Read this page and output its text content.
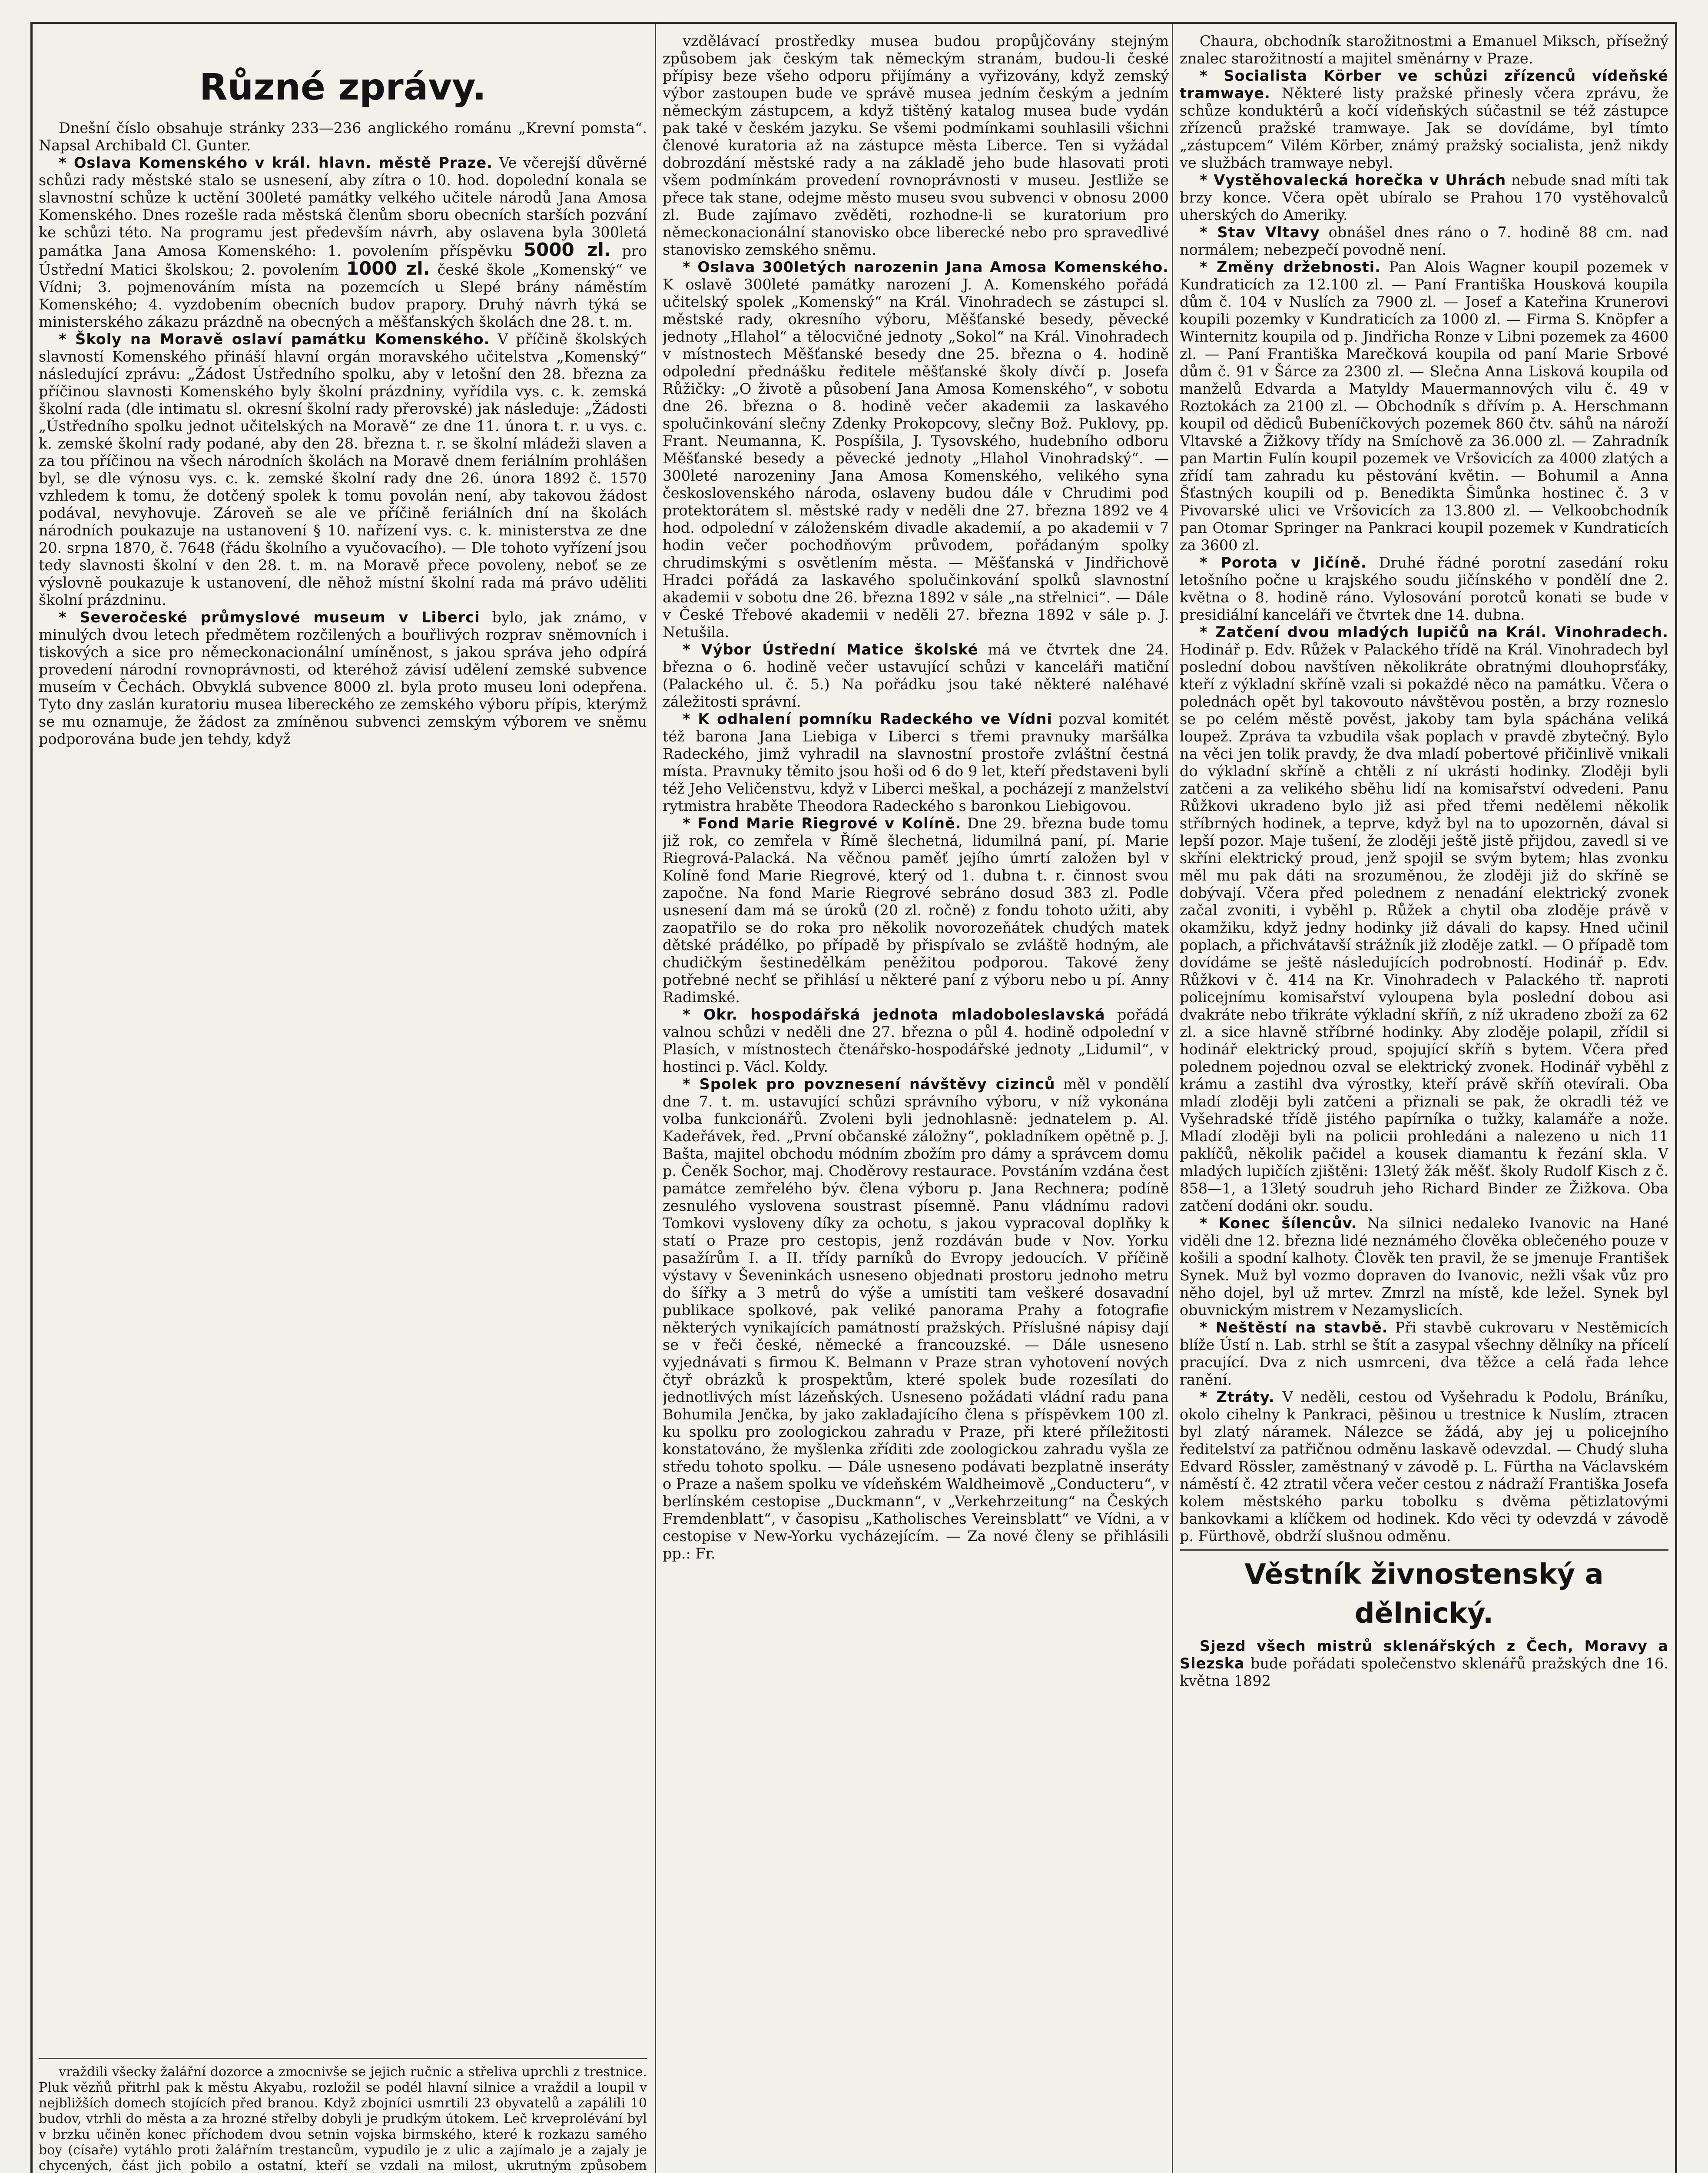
Různé zprávy.

Dnešní číslo obsahuje stránky 233—236 anglického románu „Krevní pomsta“. Napsal Archibald Cl. Gunter.

* Oslava Komenského v král. hlavn. městě Praze. Ve včerejší důvěrné schůzi rady městské stalo se usnesení, aby zítra o 10. hod. dopolední konala se slavnostní schůze k uctění 300leté památky velkého učitele národů Jana Amosa Komenského. Dnes rozešle rada městská členům sboru obecních starších pozvání ke schůzi této. Na programu jest především návrh, aby oslavena byla 300letá památka Jana Amosa Komenského: 1. povolením příspěvku 5000 zl. pro Ústřední Matici školskou; 2. povolením 1000 zl. české škole „Komenský“ ve Vídni; 3. pojmenováním místa na pozemcích u Slepé brány náměstím Komenského; 4. vyzdobením obecních budov prapory. Druhý návrh týká se ministerského zákazu prázdně na obecných a měšťanských školách dne 28. t. m.

* Školy na Moravě oslaví památku Komenského. V příčině školských slavností Komenského přináší hlavní orgán moravského učitelstva „Komenský“ následující zprávu: „Žádost Ústředního spolku, aby v letošní den 28. března za příčinou slavnosti Komenského byly školní prázdniny, vyřídila vys. c. k. zemská školní rada (dle intimatu sl. okresní školní rady přerovské) jak následuje: „Žádosti „Ústředního spolku jednot učitelských na Moravě“ ze dne 11. února t. r. u vys. c. k. zemské školní rady podané, aby den 28. března t. r. se školní mládeži slaven a za tou příčinou na všech národních školách na Moravě dnem feriálním prohlášen byl, se dle výnosu vys. c. k. zemské školní rady dne 26. února 1892 č. 1570 vzhledem k tomu, že dotčený spolek k tomu povolán není, aby takovou žádost podával, nevyhovuje. Zároveň se ale ve příčině feriálních dní na školách národních poukazuje na ustanovení § 10. nařízení vys. c. k. ministerstva ze dne 20. srpna 1870, č. 7648 (řádu školního a vyučovacího). — Dle tohoto vyřízení jsou tedy slavnosti školní v den 28. t. m. na Moravě přece povoleny, neboť se ze výslovně poukazuje k ustanovení, dle něhož místní školní rada má právo uděliti školní prázdninu.

* Severočeské průmyslové museum v Liberci bylo, jak známo, v minulých dvou letech předmětem rozčilených a bouřlivých rozprav sněmovních i tiskových a sice pro německonacionální umíněnost, s jakou správa jeho odpírá provedení národní rovnoprávnosti, od kteréhož závisí udělení zemské subvence museím v Čechách. Obvyklá subvence 8000 zl. byla proto museu loni odepřena. Tyto dny zaslán kuratoriu musea libereckého ze zemského výboru přípis, kterýmž se mu oznamuje, že žádost za zmíněnou subvenci zemským výborem ve sněmu podporována bude jen tehdy, když

vraždili všecky žalářní dozorce a zmocnivše se jejich ručnic a střeliva uprchli z trestnice. Pluk vězňů přitrhl pak k městu Akyabu, rozložil se podél hlavní silnice a vraždil a loupil v nejbližších domech stojících před branou. Když zbojníci usmrtili 23 obyvatelů a zapálili 10 budov, vtrhli do města a za hrozné střelby dobyli je prudkým útokem. Leč krveprolévání byl v brzku učiněn konec příchodem dvou setnin vojska birmského, které k rozkazu samého boy (císaře) vytáhlo proti žalářním trestancům, vypudilo je z ulic a zajímalo je a zajaly je chycených, část jich pobilo a ostatní, kteří se vzdali na milost, ukrutným způsobem

vzdělávací prostředky musea budou propůjčovány stejným způsobem jak českým tak německým stranám, budou-li české přípisy beze všeho odporu přijímány a vyřizovány, když zemský výbor zastoupen bude ve správě musea jedním českým a jedním německým zástupcem, a když tištěný katalog musea bude vydán pak také v českém jazyku. Se všemi podmínkami souhlasili všichni členové kuratoria až na zástupce města Liberce. Ten si vyžádal dobrozdání městské rady a na základě jeho bude hlasovati proti všem podmínkám provedení rovnoprávnosti v museu. Jestliže se přece tak stane, odejme město museu svou subvenci v obnosu 2000 zl. Bude zajímavo zvěděti, rozhodne-li se kuratorium pro německonacionální stanovisko obce liberecké nebo pro spravedlivé stanovisko zemského sněmu.

* Oslava 300letých narozenin Jana Amosa Komenského. K oslavě 300leté památky narození J. A. Komenského pořádá učitelský spolek „Komenský“ na Král. Vinohradech se zástupci sl. městské rady, okresního výboru, Měšťanské besedy, pěvecké jednoty „Hlahol“ a tělocvičné jednoty „Sokol“ na Král. Vinohradech v místnostech Měšťanské besedy dne 25. března o 4. hodině odpolední přednášku ředitele měšťanské školy dívčí p. Josefa Růžičky: „O životě a působení Jana Amosa Komenského“, v sobotu dne 26. března o 8. hodině večer akademii za laskavého spolučinkování slečny Zdenky Prokopcovy, slečny Bož. Puklovy, pp. Frant. Neumanna, K. Pospíšila, J. Tysovského, hudebního odboru Měšťanské besedy a pěvecké jednoty „Hlahol Vinohradský“. — 300leté narozeniny Jana Amosa Komenského, velikého syna československého národa, oslaveny budou dále v Chrudimi pod protektorátem sl. městské rady v neděli dne 27. března 1892 ve 4 hod. odpolední v záloženském divadle akademií, a po akademii v 7 hodin večer pochodňovým průvodem, pořádaným spolky chrudimskými s osvětlením města. — Měšťanská v Jindřichově Hradci pořádá za laskavého spolučinkování spolků slavnostní akademii v sobotu dne 26. března 1892 v sále „na střelnici“. — Dále v České Třebové akademii v neděli 27. března 1892 v sále p. J. Netušila.

* Výbor Ústřední Matice školské má ve čtvrtek dne 24. března o 6. hodině večer ustavující schůzi v kanceláři matiční (Palackého ul. č. 5.) Na pořádku jsou také některé naléhavé záležitosti správní.

* K odhalení pomníku Radeckého ve Vídni pozval komitét též barona Jana Liebiga v Liberci s třemi pravnuky maršálka Radeckého, jimž vyhradil na slavnostní prostoře zvláštní čestná místa. Pravnuky těmito jsou hoši od 6 do 9 let, kteří představeni byli též Jeho Veličenstvu, když v Liberci meškal, a pocházejí z manželství rytmistra hraběte Theodora Radeckého s baronkou Liebigovou.

* Fond Marie Riegrové v Kolíně. Dne 29. března bude tomu již rok, co zemřela v Římě šlechetná, lidumilná paní, pí. Marie Riegrová-Palacká. Na věčnou paměť jejího úmrtí založen byl v Kolíně fond Marie Riegrové, který od 1. dubna t. r. činnost svou započne. Na fond Marie Riegrové sebráno dosud 383 zl. Podle usnesení dam má se úroků (20 zl. ročně) z fondu tohoto užiti, aby zaopatřilo se do roka pro několik novorozeňátek chudých matek dětské prádélko, po případě by přispívalo se zvláště hodným, ale chudičkým šestinedělkám peněžitou podporou. Takové ženy potřebné nechť se přihlásí u některé paní z výboru nebo u pí. Anny Radimské.

* Okr. hospodářská jednota mladoboleslavská pořádá valnou schůzi v neděli dne 27. března o půl 4. hodině odpolední v Plasích, v místnostech čtenářsko-hospodářské jednoty „Lidumil“, v hostinci p. Václ. Koldy.

* Spolek pro povznesení návštěvy cizinců měl v pondělí dne 7. t. m. ustavující schůzi správního výboru, v níž vykonána volba funkcionářů. Zvoleni byli jednohlasně: jednatelem p. Al. Kadeřávek, řed. „První občanské záložny“, pokladníkem opětně p. J. Bašta, majitel obchodu módním zbožím pro dámy a správcem domu p. Čeněk Sochor, maj. Choděrovy restaurace. Povstáním vzdána čest památce zemřelého býv. člena výboru p. Jana Rechnera; podíně zesnulého vyslovena soustrast písemně. Panu vládnímu radovi Tomkovi vysloveny díky za ochotu, s jakou vypracoval doplňky k statí o Praze pro cestopis, jenž rozdáván bude v Nov. Yorku pasažírům I. a II. třídy parníků do Evropy jedoucích. V příčině výstavy v Ševeninkách usneseno objednati prostoru jednoho metru do šířky a 3 metrů do výše a umístiti tam veškeré dosavadní publikace spolkové, pak veliké panorama Prahy a fotografie některých vynikajících památností pražských. Příslušné nápisy dají se v řeči české, německé a francouzské. — Dále usneseno vyjednávati s firmou K. Belmann v Praze stran vyhotovení nových čtyř obrázků k prospektům, které spolek bude rozesílati do jednotlivých míst lázeňských. Usneseno požádati vládní radu pana Bohumila Jenčka, by jako zakladajícího člena s příspěvkem 100 zl. ku spolku pro zoologickou zahradu v Praze, při které příležitosti konstatováno, že myšlenka zříditi zde zoologickou zahradu vyšla ze středu tohoto spolku. — Dále usneseno podávati bezplatně inseráty o Praze a našem spolku ve vídeňském Waldheimově „Conducteru“, v berlínském cestopise „Duckmann“, v „Verkehrzeitung“ na Českých Fremdenblatt“, v časopisu „Katholisches Vereinsblatt“ ve Vídni, a v cestopise v New-Yorku vycházejícím. — Za nové členy se přihlásili pp.: Fr.

Chaura, obchodník starožitnostmi a Emanuel Miksch, přísežný znalec starožitností a majitel směnárny v Praze.

* Socialista Körber ve schůzi zřízenců vídeňské tramwaye. Některé listy pražské přinesly včera zprávu, že schůze konduktérů a kočí vídeňských súčastnil se též zástupce zřízenců pražské tramwaye. Jak se dovídáme, byl tímto „zástupcem“ Vilém Körber, známý pražský socialista, jenž nikdy ve službách tramwaye nebyl.

* Vystěhovalecká horečka v Uhrách nebude snad míti tak brzy konce. Včera opět ubíralo se Prahou 170 vystěhovalců uherských do Ameriky.

* Stav Vltavy obnášel dnes ráno o 7. hodině 88 cm. nad normálem; nebezpečí povodně není.

* Změny držebnosti. Pan Alois Wagner koupil pozemek v Kundraticích za 12.100 zl. — Paní Františka Housková koupila dům č. 104 v Nuslích za 7900 zl. — Josef a Kateřina Krunerovi koupili pozemky v Kundraticích za 1000 zl. — Firma S. Knöpfer a Winternitz koupila od p. Jindřicha Ronze v Libni pozemek za 4600 zl. — Paní Františka Marečková koupila od paní Marie Srbové dům č. 91 v Šárce za 2300 zl. — Slečna Anna Lisková koupila od manželů Edvarda a Matyldy Mauermannových vilu č. 49 v Roztokách za 2100 zl. — Obchodník s dřívím p. A. Herschmann koupil od dědiců Bubeníčkových pozemek 860 čtv. sáhů na nároží Vltavské a Žižkovy třídy na Smíchově za 36.000 zl. — Zahradník pan Martin Fulín koupil pozemek ve Vršovicích za 4000 zlatých a zřídí tam zahradu ku pěstování květin. — Bohumil a Anna Šťastných koupili od p. Benedikta Šimůnka hostinec č. 3 v Pivovarské ulici ve Vršovicích za 13.800 zl. — Velkoobchodník pan Otomar Springer na Pankraci koupil pozemek v Kundraticích za 3600 zl.

* Porota v Jičíně. Druhé řádné porotní zasedání roku letošního počne u krajského soudu jičínského v pondělí dne 2. května o 8. hodině ráno. Vylosování porotců konati se bude v presidiální kanceláři ve čtvrtek dne 14. dubna.

* Zatčení dvou mladých lupičů na Král. Vinohradech. Hodinář p. Edv. Růžek v Palackého třídě na Král. Vinohradech byl poslední dobou navštíven několikráte obratnými dlouhoprsťáky, kteří z výkladní skříně vzali si pokaždé něco na památku. Včera o polednách opět byl takovouto návštěvou postěn, a brzy rozneslo se po celém městě pověst, jakoby tam byla spáchána veliká loupež. Zpráva ta vzbudila však poplach v pravdě zbytečný. Bylo na věci jen tolik pravdy, že dva mladí pobertové přičinlivě vnikali do výkladní skříně a chtěli z ní ukrásti hodinky. Zloději byli zatčeni a za velikého sběhu lidí na komisařství odvedeni. Panu Růžkovi ukradeno bylo již asi před třemi nedělemi několik stříbrných hodinek, a teprve, když byl na to upozorněn, dával si lepší pozor. Maje tušení, že zloději ještě jistě přijdou, zavedl si ve skříni elektrický proud, jenž spojil se svým bytem; hlas zvonku měl mu pak dáti na srozuměnou, že zloději již do skříně se dobývají. Včera před polednem z nenadání elektrický zvonek začal zvoniti, i vyběhl p. Růžek a chytil oba zloděje právě v okamžiku, když jedny hodinky již dávali do kapsy. Hned učinil poplach, a přichvátavší strážník již zloděje zatkl. — O případě tom dovídáme se ještě následujících podrobností. Hodinář p. Edv. Růžkovi v č. 414 na Kr. Vinohradech v Palackého tř. naproti policejnímu komisařství vyloupena byla poslední dobou asi dvakráte nebo třikráte výkladní skříň, z níž ukradeno zboží za 62 zl. a sice hlavně stříbrné hodinky. Aby zloděje polapil, zřídil si hodinář elektrický proud, spojující skříň s bytem. Včera před polednem pojednou ozval se elektrický zvonek. Hodinář vyběhl z krámu a zastihl dva výrostky, kteří právě skříň otevírali. Oba mladí zloději byli zatčeni a přiznali se pak, že okradli též ve Vyšehradské třídě jistého papírníka o tužky, kalamáře a nože. Mladí zloději byli na policii prohledáni a nalezeno u nich 11 paklíčů, několik pačidel a kousek diamantu k řezání skla. V mladých lupičích zjištěni: 13letý žák měšť. školy Rudolf Kisch z č. 858—1, a 13letý soudruh jeho Richard Binder ze Žižkova. Oba zatčení dodáni okr. soudu.

* Konec šílencův. Na silnici nedaleko Ivanovic na Hané viděli dne 12. března lidé neznámého člověka oblečeného pouze v košili a spodní kalhoty. Člověk ten pravil, že se jmenuje František Synek. Muž byl vozmo dopraven do Ivanovic, nežli však vůz pro něho dojel, byl už mrtev. Zmrzl na místě, kde ležel. Synek byl obuvnickým mistrem v Nezamyslicích.

* Neštěstí na stavbě. Při stavbě cukrovaru v Nestěmicích blíže Ústí n. Lab. strhl se štít a zasypal všechny dělníky na přícelí pracující. Dva z nich usmrceni, dva těžce a celá řada lehce ranění.

* Ztráty. V neděli, cestou od Vyšehradu k Podolu, Bráníku, okolo cihelny k Pankraci, pěšinou u trestnice k Nuslím, ztracen byl zlatý náramek. Nálezce se žádá, aby jej u policejního ředitelství za patřičnou odměnu laskavě odevzdal. — Chudý sluha Edvard Rössler, zaměstnaný v závodě p. L. Fürtha na Václavském náměstí č. 42 ztratil včera večer cestou z nádraží Františka Josefa kolem městského parku tobolku s dvěma pětizlatovými bankovkami a klíčkem od hodinek. Kdo věci ty odevzdá v závodě p. Fürthově, obdrží slušnou odměnu.

Věstník živnostenský a dělnický.

Sjezd všech mistrů sklenářských z Čech, Moravy a Slezska bude pořádati společenstvo sklenářů pražských dne 16. května 1892
